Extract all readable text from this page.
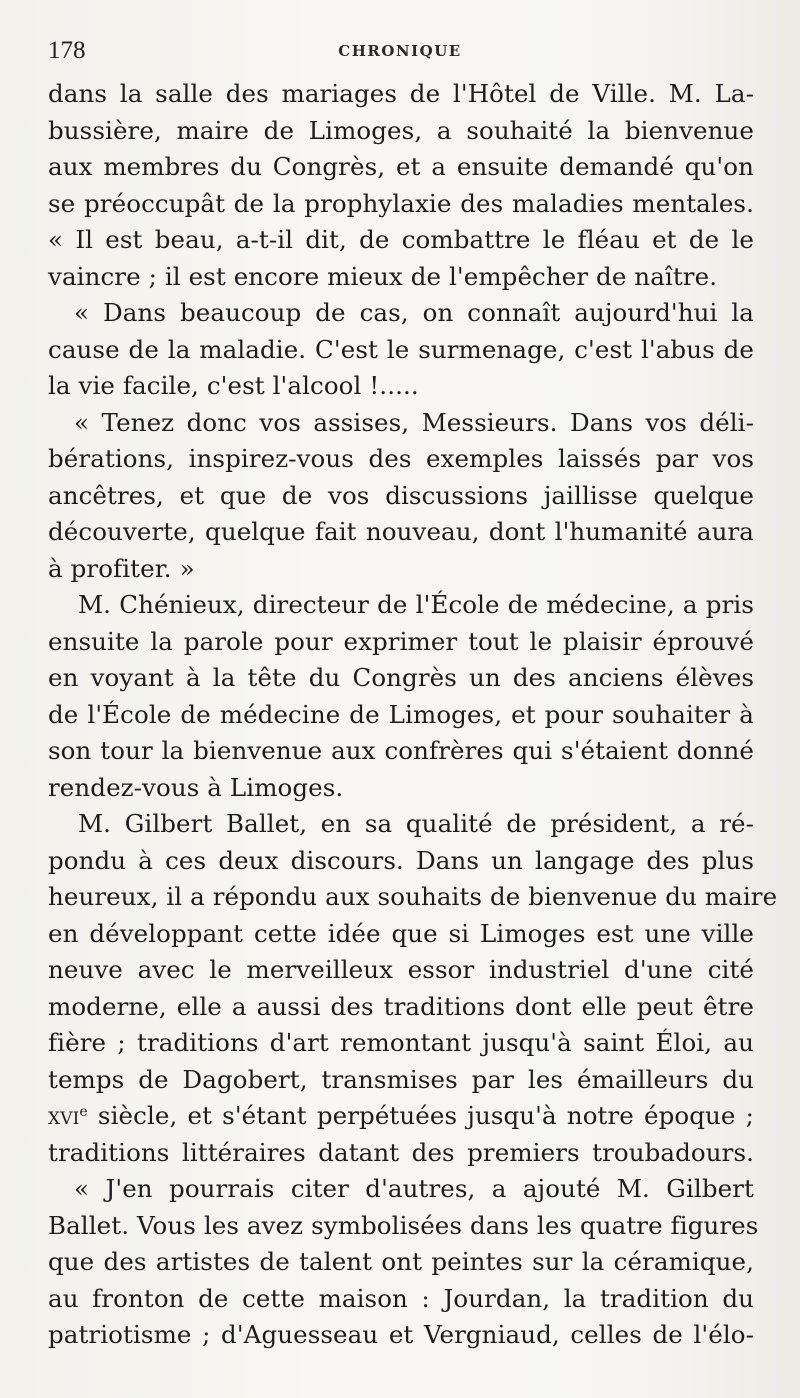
178	CHRONIQUE
dans la salle des mariages de l'Hôtel de Ville. M. La-
bussière, maire de Limoges, a souhaité la bienvenue
aux membres du Congrès, et a ensuite demandé qu'on
se préoccupât de la prophylaxie des maladies mentales.
« Il est beau, a-t-il dit, de combattre le fléau et de le
vaincre ; il est encore mieux de l'empêcher de naître.
« Dans beaucoup de cas, on connaît aujourd'hui la
cause de la maladie. C'est le surmenage, c'est l'abus de
la vie facile, c'est l'alcool !.....
« Tenez donc vos assises, Messieurs. Dans vos déli-
bérations, inspirez-vous des exemples laissés par vos
ancêtres, et que de vos discussions jaillisse quelque
découverte, quelque fait nouveau, dont l'humanité aura
à profiter. »
M. Chénieux, directeur de l'École de médecine, a pris
ensuite la parole pour exprimer tout le plaisir éprouvé
en voyant à la tête du Congrès un des anciens élèves
de l'École de médecine de Limoges, et pour souhaiter à
son tour la bienvenue aux confrères qui s'étaient donné
rendez-vous à Limoges.
M. Gilbert Ballet, en sa qualité de président, a ré-
pondu à ces deux discours. Dans un langage des plus
heureux, il a répondu aux souhaits de bienvenue du maire
en développant cette idée que si Limoges est une ville
neuve avec le merveilleux essor industriel d'une cité
moderne, elle a aussi des traditions dont elle peut être
fière ; traditions d'art remontant jusqu'à saint Éloi, au
temps de Dagobert, transmises par les émailleurs du
xvi$^e$ siècle, et s'étant perpétuées jusqu'à notre époque ;
traditions littéraires datant des premiers troubadours.
« J'en pourrais citer d'autres, a ajouté M. Gilbert
Ballet. Vous les avez symbolisées dans les quatre figures
que des artistes de talent ont peintes sur la céramique,
au fronton de cette maison : Jourdan, la tradition du
patriotisme ; d'Aguesseau et Vergniaud, celles de l'élo-
